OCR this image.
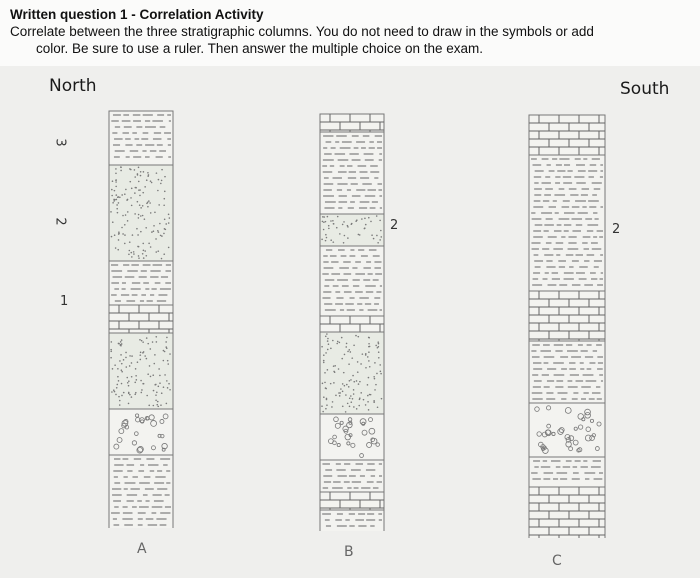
Written question 1 - Correlation Activity
Correlate between the three stratigraphic columns. You do not need to draw in the symbols or add
color. Be sure to use a ruler. Then answer the multiple choice on the exam.
North	South
3
2
1
A
2
B
2
C
